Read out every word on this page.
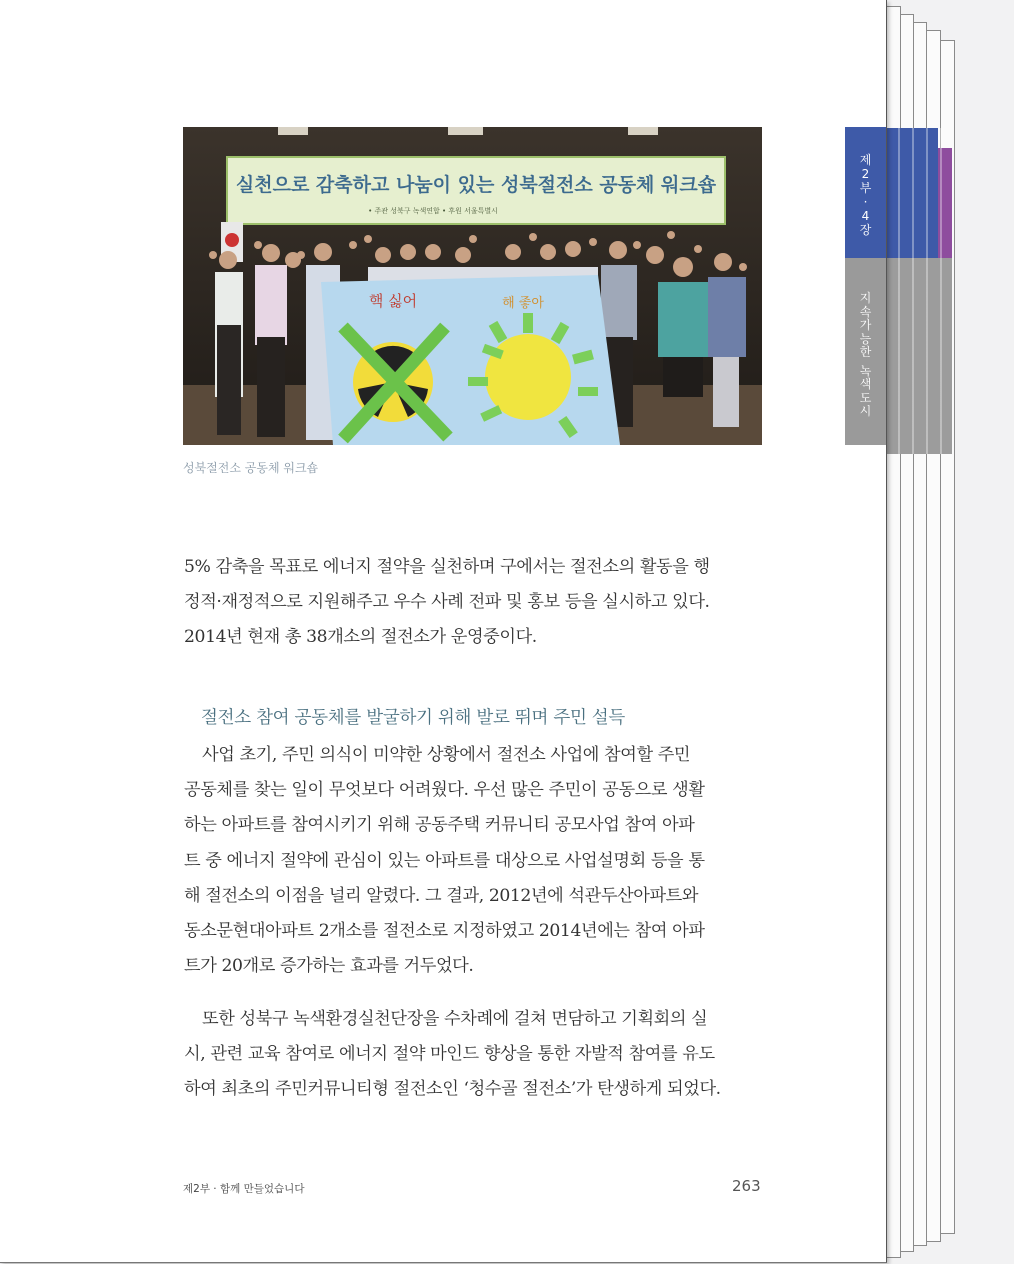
제
2
부
·
4
장
지
속
가
능
한
녹
색
도
시
실천으로 감축하고 나눔이 있는 성북절전소 공동체 워크숍
• 주관 성북구 녹색연합 • 후원 서울특별시
핵 싫어	해 좋아
성북절전소 공동체 워크숍

5% 감축을 목표로 에너지 절약을 실천하며 구에서는 절전소의 활동을 행

정적·재정적으로 지원해주고 우수 사례 전파 및 홍보 등을 실시하고 있다.

2014년 현재 총 38개소의 절전소가 운영중이다.

절전소 참여 공동체를 발굴하기 위해 발로 뛰며 주민 설득

사업 초기, 주민 의식이 미약한 상황에서 절전소 사업에 참여할 주민

공동체를 찾는 일이 무엇보다 어려웠다. 우선 많은 주민이 공동으로 생활

하는 아파트를 참여시키기 위해 공동주택 커뮤니티 공모사업 참여 아파

트 중 에너지 절약에 관심이 있는 아파트를 대상으로 사업설명회 등을 통

해 절전소의 이점을 널리 알렸다. 그 결과, 2012년에 석관두산아파트와

동소문현대아파트 2개소를 절전소로 지정하였고 2014년에는 참여 아파

트가 20개로 증가하는 효과를 거두었다.

또한 성북구 녹색환경실천단장을 수차례에 걸쳐 면담하고 기획회의 실

시, 관련 교육 참여로 에너지 절약 마인드 향상을 통한 자발적 참여를 유도

하여 최초의 주민커뮤니티형 절전소인 ‘청수골 절전소’가 탄생하게 되었다.

제2부 · 함께 만들었습니다	263
